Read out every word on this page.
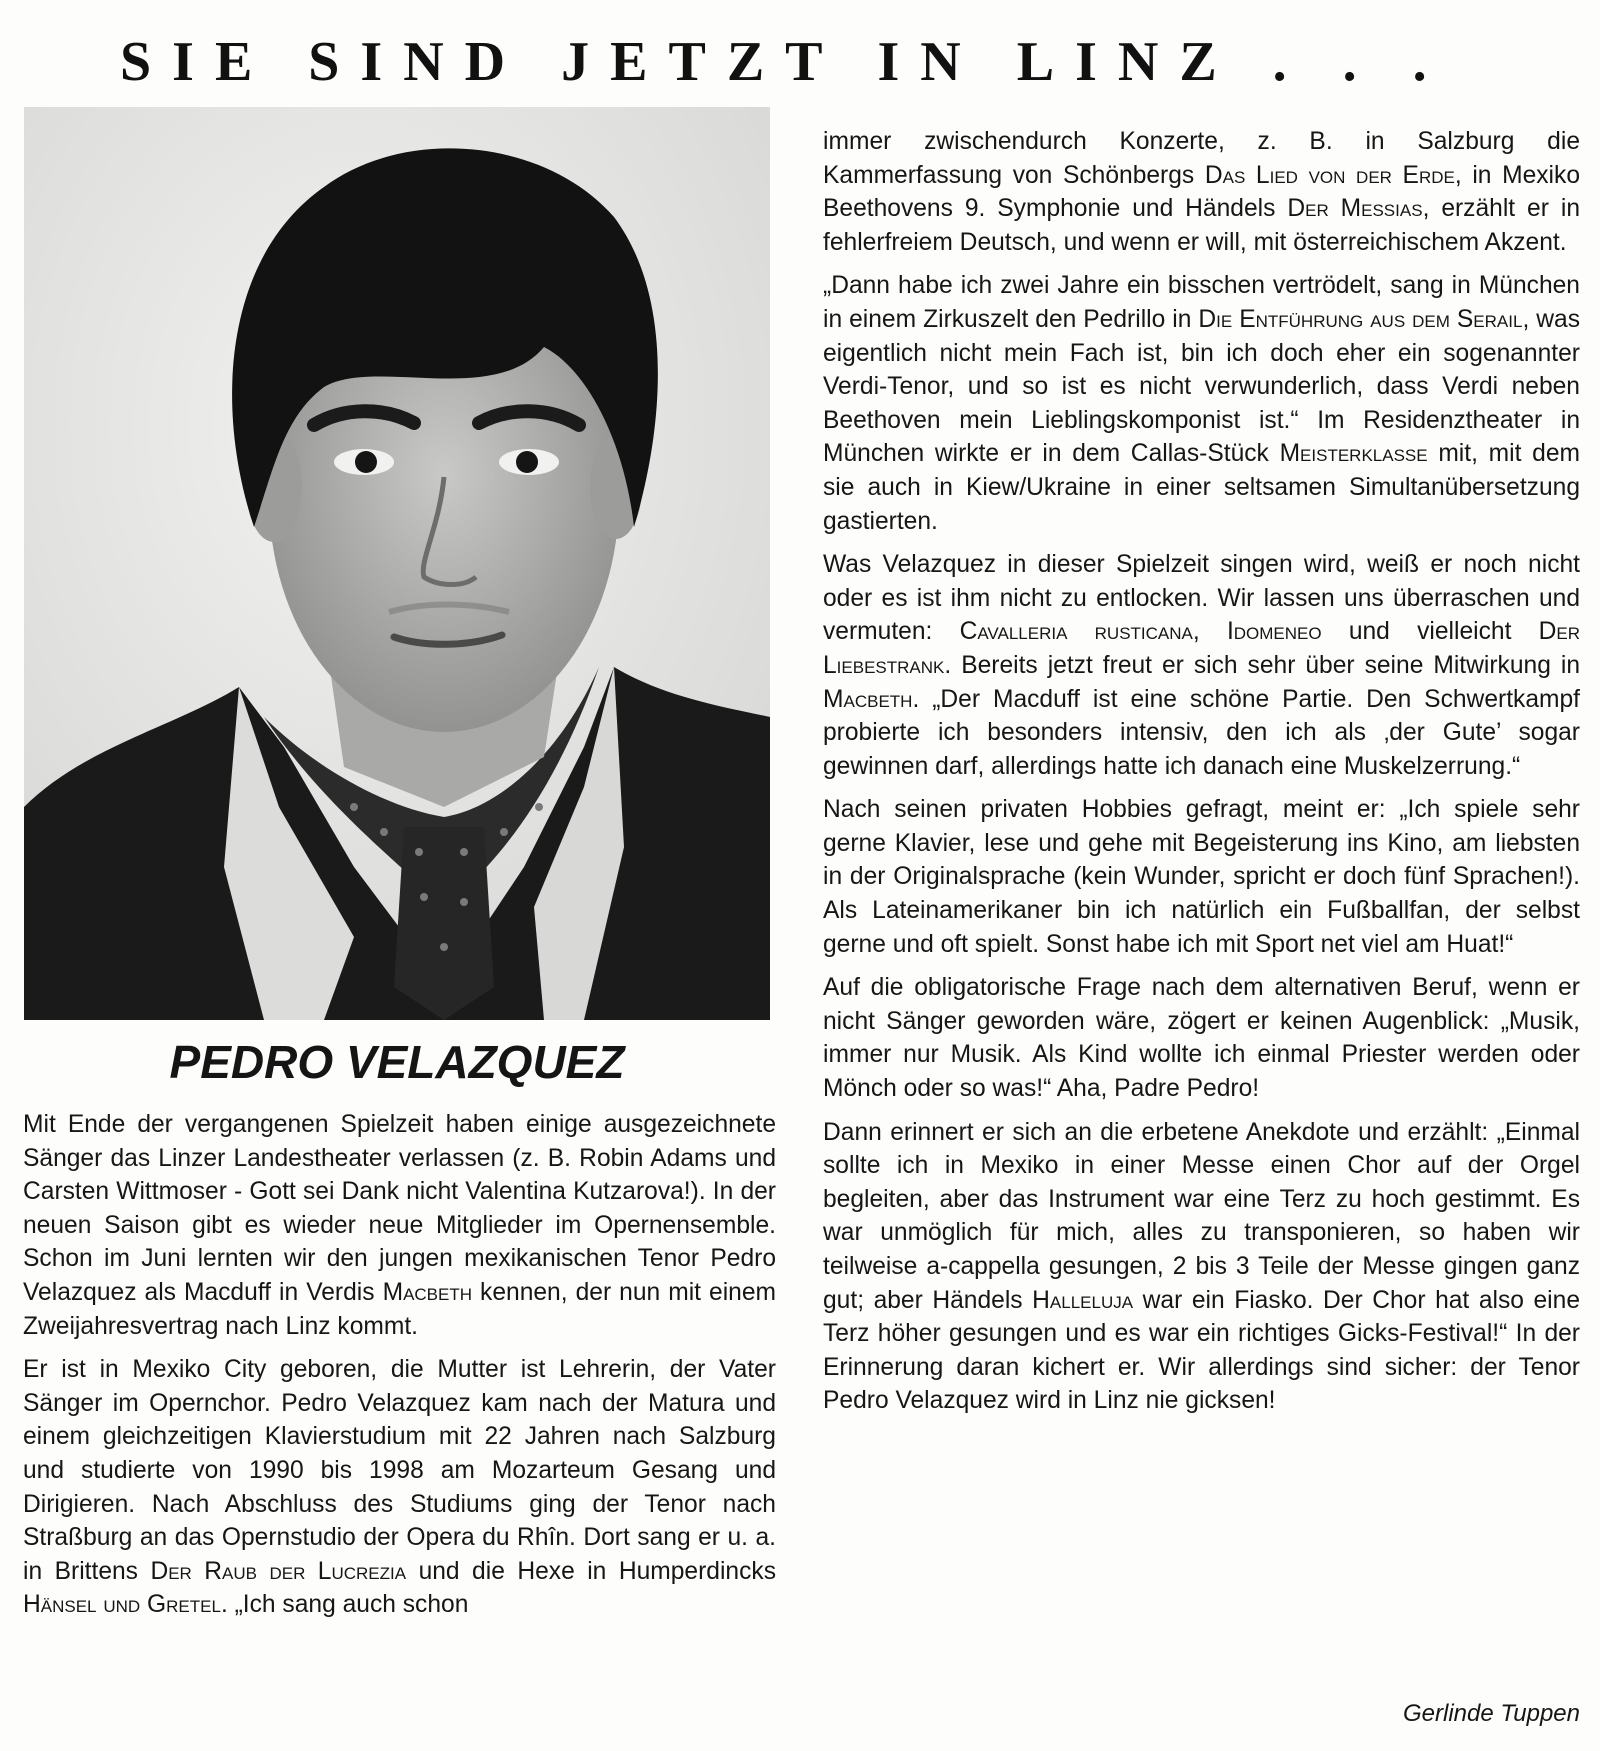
SIE SIND JETZT IN LINZ . . .
PEDRO VELAZQUEZ

Mit Ende der vergangenen Spielzeit haben einige ausgezeichnete Sänger das Linzer Landestheater verlassen (z. B. Robin Adams und Carsten Wittmoser - Gott sei Dank nicht Valentina Kutzarova!). In der neuen Saison gibt es wieder neue Mitglieder im Opernensemble. Schon im Juni lernten wir den jungen mexikanischen Tenor Pedro Velazquez als Macduff in Verdis Macbeth kennen, der nun mit einem Zweijahresvertrag nach Linz kommt.

Er ist in Mexiko City geboren, die Mutter ist Lehrerin, der Vater Sänger im Opernchor. Pedro Velazquez kam nach der Matura und einem gleichzeitigen Klavierstudium mit 22 Jahren nach Salzburg und studierte von 1990 bis 1998 am Mozarteum Gesang und Dirigieren. Nach Abschluss des Studiums ging der Tenor nach Straßburg an das Opernstudio der Opera du Rhîn. Dort sang er u. a. in Brittens Der Raub der Lucrezia und die Hexe in Humperdincks Hänsel und Gretel. „Ich sang auch schon

immer zwischendurch Konzerte, z. B. in Salzburg die Kammerfassung von Schönbergs Das Lied von der Erde, in Mexiko Beethovens 9. Symphonie und Händels Der Messias, erzählt er in fehlerfreiem Deutsch, und wenn er will, mit österreichischem Akzent.

„Dann habe ich zwei Jahre ein bisschen vertrödelt, sang in München in einem Zirkuszelt den Pedrillo in Die Entführung aus dem Serail, was eigentlich nicht mein Fach ist, bin ich doch eher ein sogenannter Verdi-Tenor, und so ist es nicht verwunderlich, dass Verdi neben Beethoven mein Lieblingskomponist ist.“ Im Residenztheater in München wirkte er in dem Callas-Stück Meisterklasse mit, mit dem sie auch in Kiew/Ukraine in einer seltsamen Simultanübersetzung gastierten.

Was Velazquez in dieser Spielzeit singen wird, weiß er noch nicht oder es ist ihm nicht zu entlocken. Wir lassen uns überraschen und vermuten: Cavalleria rusticana, Idomeneo und vielleicht Der Liebestrank. Bereits jetzt freut er sich sehr über seine Mitwirkung in Macbeth. „Der Macduff ist eine schöne Partie. Den Schwertkampf probierte ich besonders intensiv, den ich als ‚der Gute’ sogar gewinnen darf, allerdings hatte ich danach eine Muskelzerrung.“

Nach seinen privaten Hobbies gefragt, meint er: „Ich spiele sehr gerne Klavier, lese und gehe mit Begeisterung ins Kino, am liebsten in der Originalsprache (kein Wunder, spricht er doch fünf Sprachen!). Als Lateinamerikaner bin ich natürlich ein Fußballfan, der selbst gerne und oft spielt. Sonst habe ich mit Sport net viel am Huat!“

Auf die obligatorische Frage nach dem alternativen Beruf, wenn er nicht Sänger geworden wäre, zögert er keinen Augenblick: „Musik, immer nur Musik. Als Kind wollte ich einmal Priester werden oder Mönch oder so was!“ Aha, Padre Pedro!

Dann erinnert er sich an die erbetene Anekdote und erzählt: „Einmal sollte ich in Mexiko in einer Messe einen Chor auf der Orgel begleiten, aber das Instrument war eine Terz zu hoch gestimmt. Es war unmöglich für mich, alles zu transponieren, so haben wir teilweise a-cappella gesungen, 2 bis 3 Teile der Messe gingen ganz gut; aber Händels Halleluja war ein Fiasko. Der Chor hat also eine Terz höher gesungen und es war ein richtiges Gicks-Festival!“ In der Erinnerung daran kichert er. Wir allerdings sind sicher: der Tenor Pedro Velazquez wird in Linz nie gicksen!

Gerlinde Tuppen
